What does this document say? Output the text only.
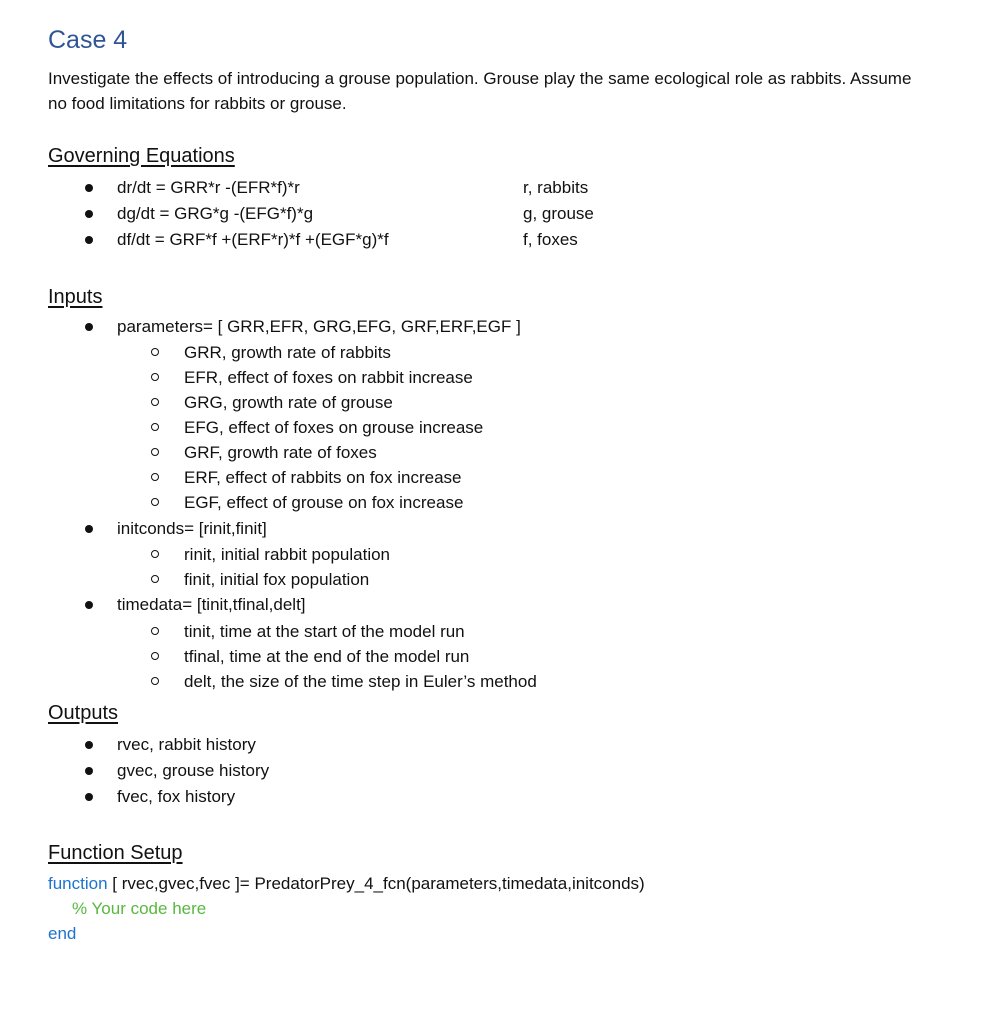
Case 4
Investigate the effects of introducing a grouse population. Grouse play the same ecological role as rabbits. Assume no food limitations for rabbits or grouse.
Governing Equations
dr/dt = GRR*r -(EFR*f)*r	r, rabbits
dg/dt = GRG*g -(EFG*f)*g	g, grouse
df/dt = GRF*f +(ERF*r)*f +(EGF*g)*f	f, foxes
Inputs
parameters= [ GRR,EFR, GRG,EFG, GRF,ERF,EGF ]
GRR, growth rate of rabbits
EFR, effect of foxes on rabbit increase
GRG, growth rate of grouse
EFG, effect of foxes on grouse increase
GRF, growth rate of foxes
ERF, effect of rabbits on fox increase
EGF, effect of grouse on fox increase
initconds= [rinit,finit]
rinit, initial rabbit population
finit, initial fox population
timedata= [tinit,tfinal,delt]
tinit, time at the start of the model run
tfinal, time at the end of the model run
delt, the size of the time step in Euler’s method
Outputs
rvec, rabbit history
gvec, grouse history
fvec, fox history
Function Setup
function [ rvec,gvec,fvec ]= PredatorPrey_4_fcn(parameters,timedata,initconds)
% Your code here
end
